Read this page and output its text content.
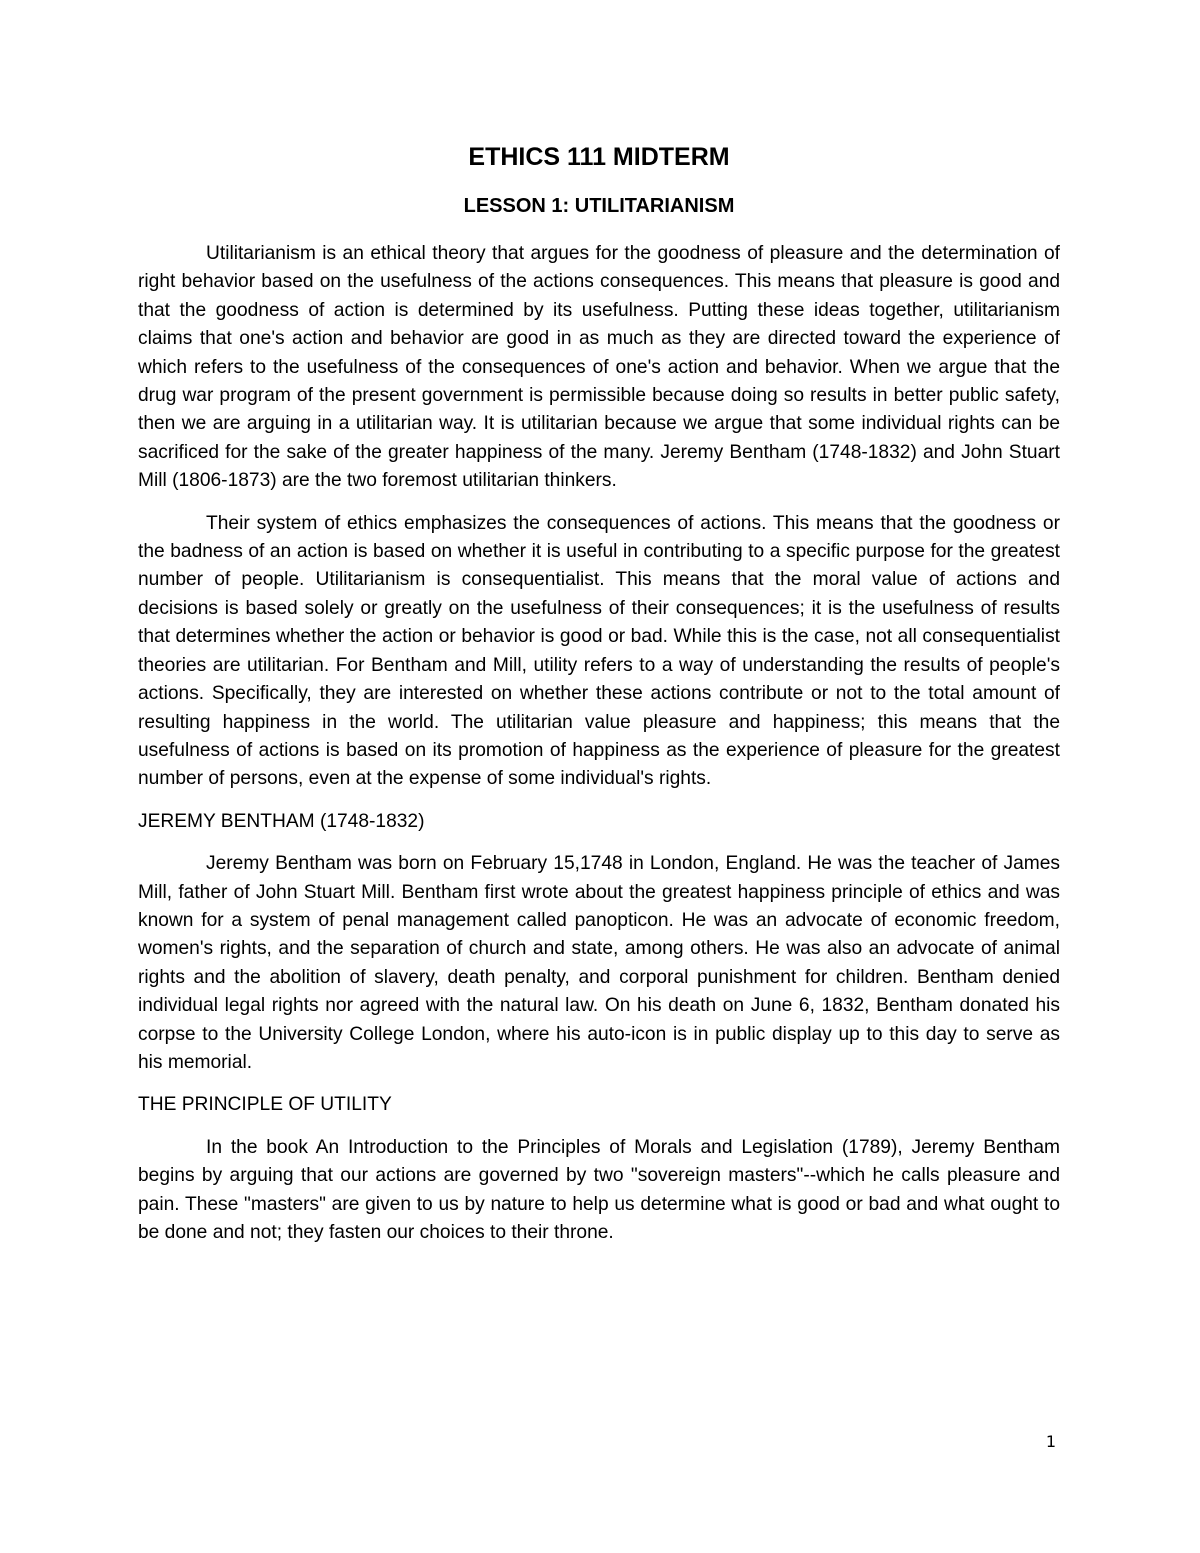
ETHICS 111 MIDTERM
LESSON 1: UTILITARIANISM

Utilitarianism is an ethical theory that argues for the goodness of pleasure and the determination of right behavior based on the usefulness of the actions consequences. This means that pleasure is good and that the goodness of action is determined by its usefulness. Putting these ideas together, utilitarianism claims that one's action and behavior are good in as much as they are directed toward the experience of which refers to the usefulness of the consequences of one's action and behavior. When we argue that the drug war program of the present government is permissible because doing so results in better public safety, then we are arguing in a utilitarian way. It is utilitarian because we argue that some individual rights can be sacrificed for the sake of the greater happiness of the many. Jeremy Bentham (1748-1832) and John Stuart Mill (1806-1873) are the two foremost utilitarian thinkers.

Their system of ethics emphasizes the consequences of actions. This means that the goodness or the badness of an action is based on whether it is useful in contributing to a specific purpose for the greatest number of people. Utilitarianism is consequentialist. This means that the moral value of actions and decisions is based solely or greatly on the usefulness of their consequences; it is the usefulness of results that determines whether the action or behavior is good or bad. While this is the case, not all consequentialist theories are utilitarian. For Bentham and Mill, utility refers to a way of understanding the results of people's actions. Specifically, they are interested on whether these actions contribute or not to the total amount of resulting happiness in the world. The utilitarian value pleasure and happiness; this means that the usefulness of actions is based on its promotion of happiness as the experience of pleasure for the greatest number of persons, even at the expense of some individual's rights.

JEREMY BENTHAM (1748-1832)

Jeremy Bentham was born on February 15,1748 in London, England. He was the teacher of James Mill, father of John Stuart Mill. Bentham first wrote about the greatest happiness principle of ethics and was known for a system of penal management called panopticon. He was an advocate of economic freedom, women's rights, and the separation of church and state, among others. He was also an advocate of animal rights and the abolition of slavery, death penalty, and corporal punishment for children. Bentham denied individual legal rights nor agreed with the natural law. On his death on June 6, 1832, Bentham donated his corpse to the University College London, where his auto-icon is in public display up to this day to serve as his memorial.

THE PRINCIPLE OF UTILITY

In the book An Introduction to the Principles of Morals and Legislation (1789), Jeremy Bentham begins by arguing that our actions are governed by two "sovereign masters"--which he calls pleasure and pain. These "masters" are given to us by nature to help us determine what is good or bad and what ought to be done and not; they fasten our choices to their throne.

1
